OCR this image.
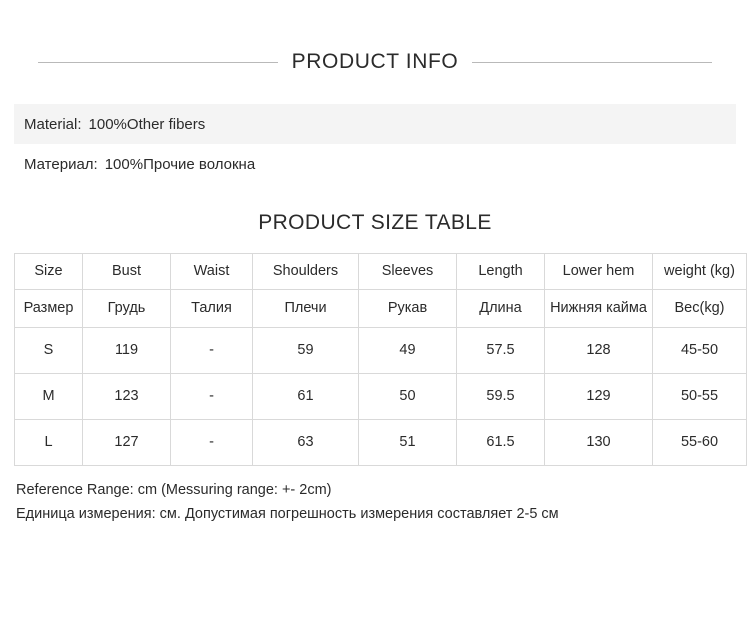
PRODUCT INFO
Material: 100%Other fibers
Материал: 100%Прочие волокна
PRODUCT SIZE TABLE
Size	Bust	Waist	Shoulders	Sleeves	Length	Lower hem	weight (kg)
Размер	Грудь	Талия	Плечи	Рукав	Длина	Нижняя кайма	Вес(kg)
S	119	-	59	49	57.5	128	45-50
M	123	-	61	50	59.5	129	50-55
L	127	-	63	51	61.5	130	55-60
Reference Range: cm (Messuring range: +- 2cm)
Единица измерения: см. Допустимая погрешность измерения составляет 2-5 см
